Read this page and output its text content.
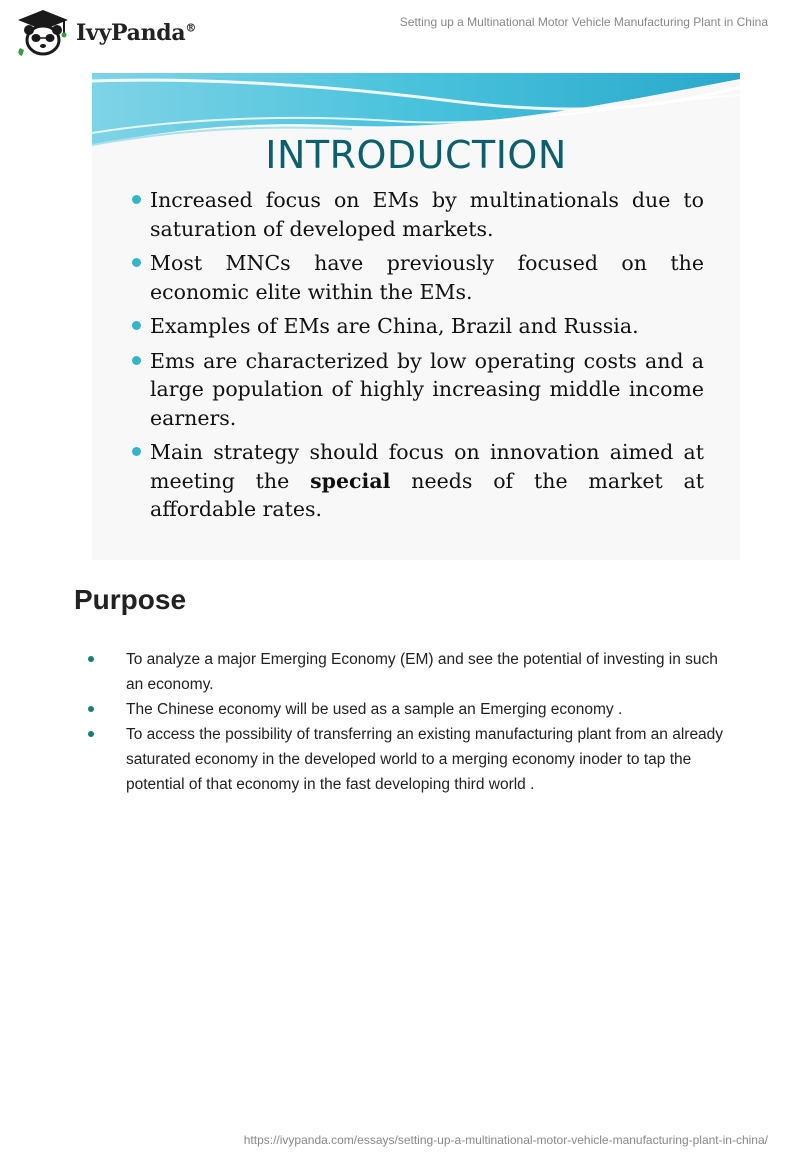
IvyPanda®	Setting up a Multinational Motor Vehicle Manufacturing Plant in China
INTRODUCTION
Increased focus on EMs by multinationals due to saturation of developed markets.
Most MNCs have previously focused on the economic elite within the EMs.
Examples of EMs are China, Brazil and Russia.
Ems are characterized by low operating costs and a large population of highly increasing middle income earners.
Main strategy should focus on innovation aimed at meeting the special needs of the market at affordable rates.
Purpose
To analyze a major Emerging Economy (EM) and see the potential of investing in such an economy.
The Chinese economy will be used as a sample an Emerging economy .
To access the possibility of transferring an existing manufacturing plant from an already saturated economy in the developed world to a merging economy inoder to tap the potential of that economy in the fast developing third world .
https://ivypanda.com/essays/setting-up-a-multinational-motor-vehicle-manufacturing-plant-in-china/
